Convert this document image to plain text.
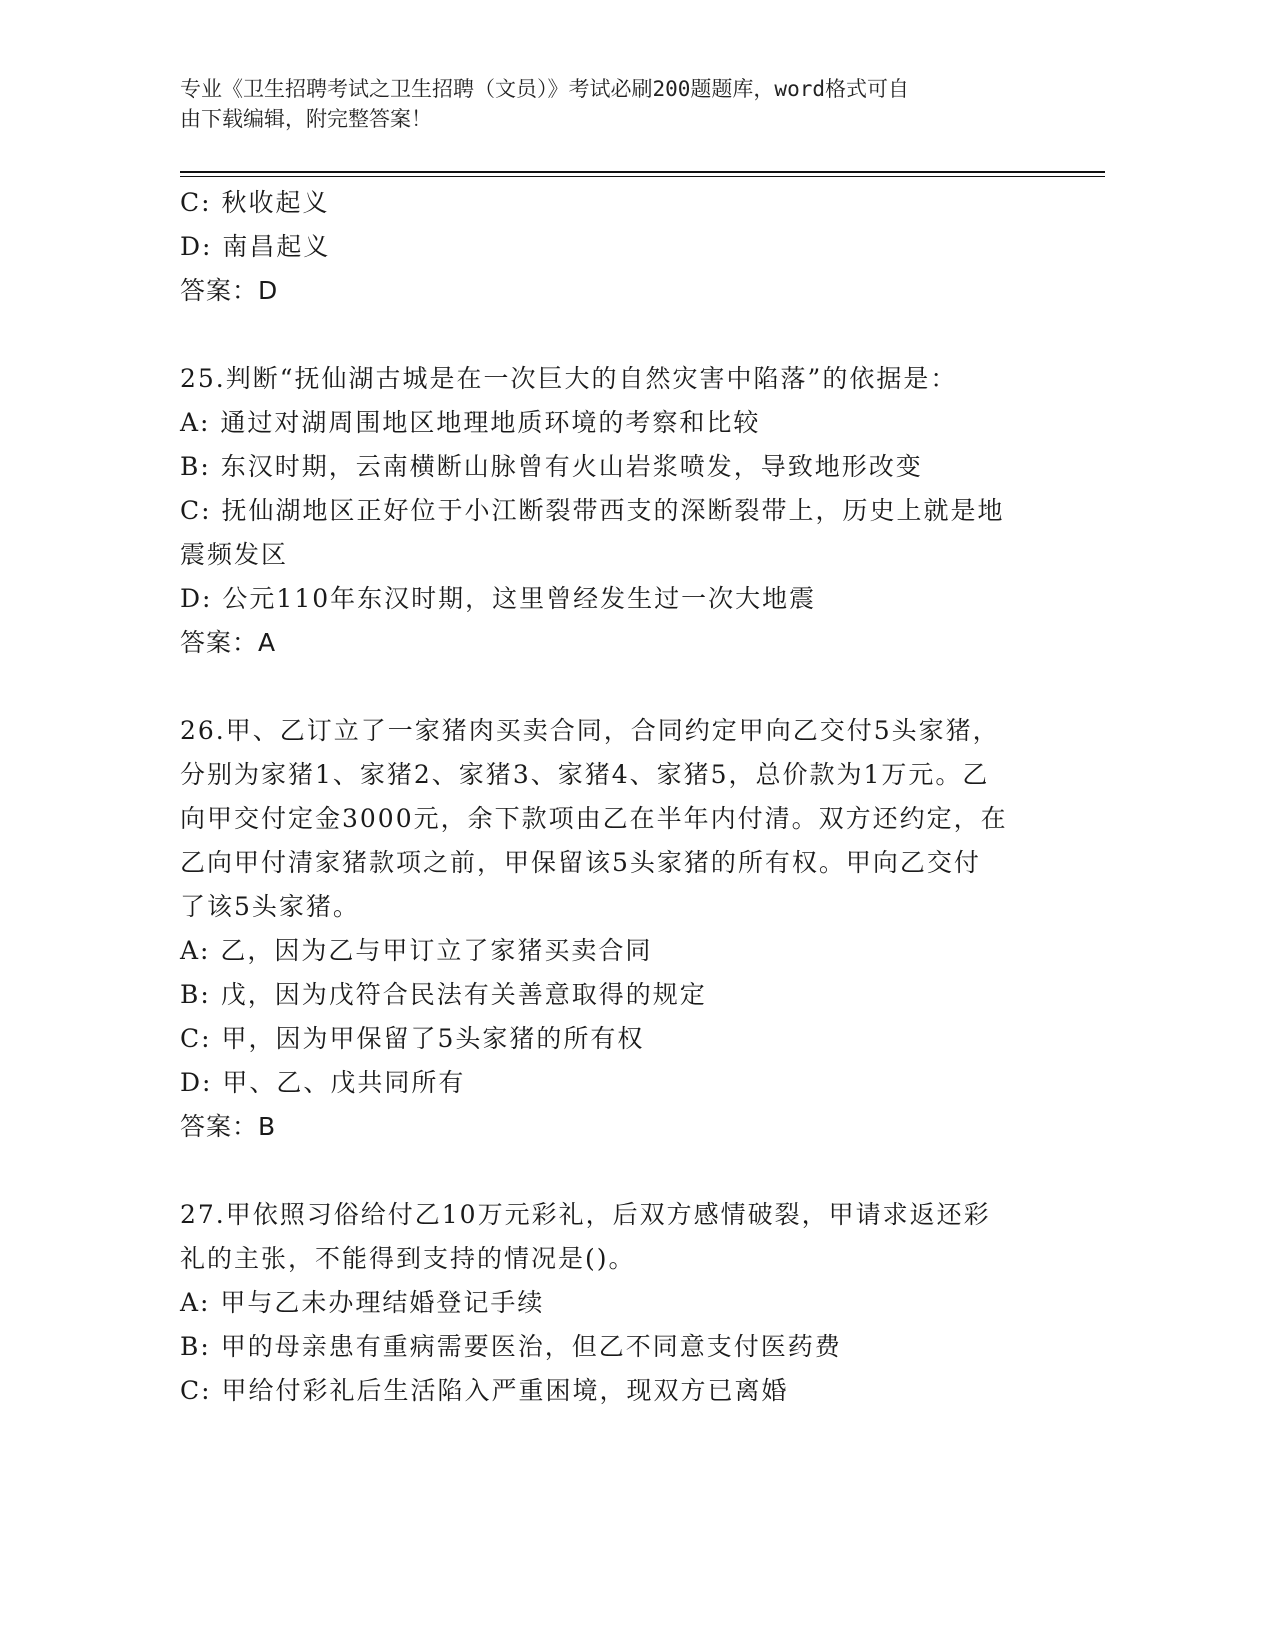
专业《卫生招聘考试之卫生招聘（文员）》考试必刷200题题库，word格式可自
由下载编辑，附完整答案！
C: 秋收起义
D: 南昌起义
答案：D
25.判断“抚仙湖古城是在一次巨大的自然灾害中陷落”的依据是：
A: 通过对湖周围地区地理地质环境的考察和比较
B: 东汉时期，云南横断山脉曾有火山岩浆喷发，导致地形改变
C: 抚仙湖地区正好位于小江断裂带西支的深断裂带上，历史上就是地
震频发区
D: 公元110年东汉时期，这里曾经发生过一次大地震
答案：A
26.甲、乙订立了一家猪肉买卖合同，合同约定甲向乙交付5头家猪，
分别为家猪1、家猪2、家猪3、家猪4、家猪5，总价款为1万元。乙
向甲交付定金3000元，余下款项由乙在半年内付清。双方还约定，在
乙向甲付清家猪款项之前，甲保留该5头家猪的所有权。甲向乙交付
了该5头家猪。
A: 乙，因为乙与甲订立了家猪买卖合同
B: 戊，因为戊符合民法有关善意取得的规定
C: 甲，因为甲保留了5头家猪的所有权
D: 甲、乙、戊共同所有
答案：B
27.甲依照习俗给付乙10万元彩礼，后双方感情破裂，甲请求返还彩
礼的主张，不能得到支持的情况是()。
A: 甲与乙未办理结婚登记手续
B: 甲的母亲患有重病需要医治，但乙不同意支付医药费
C: 甲给付彩礼后生活陷入严重困境，现双方已离婚
